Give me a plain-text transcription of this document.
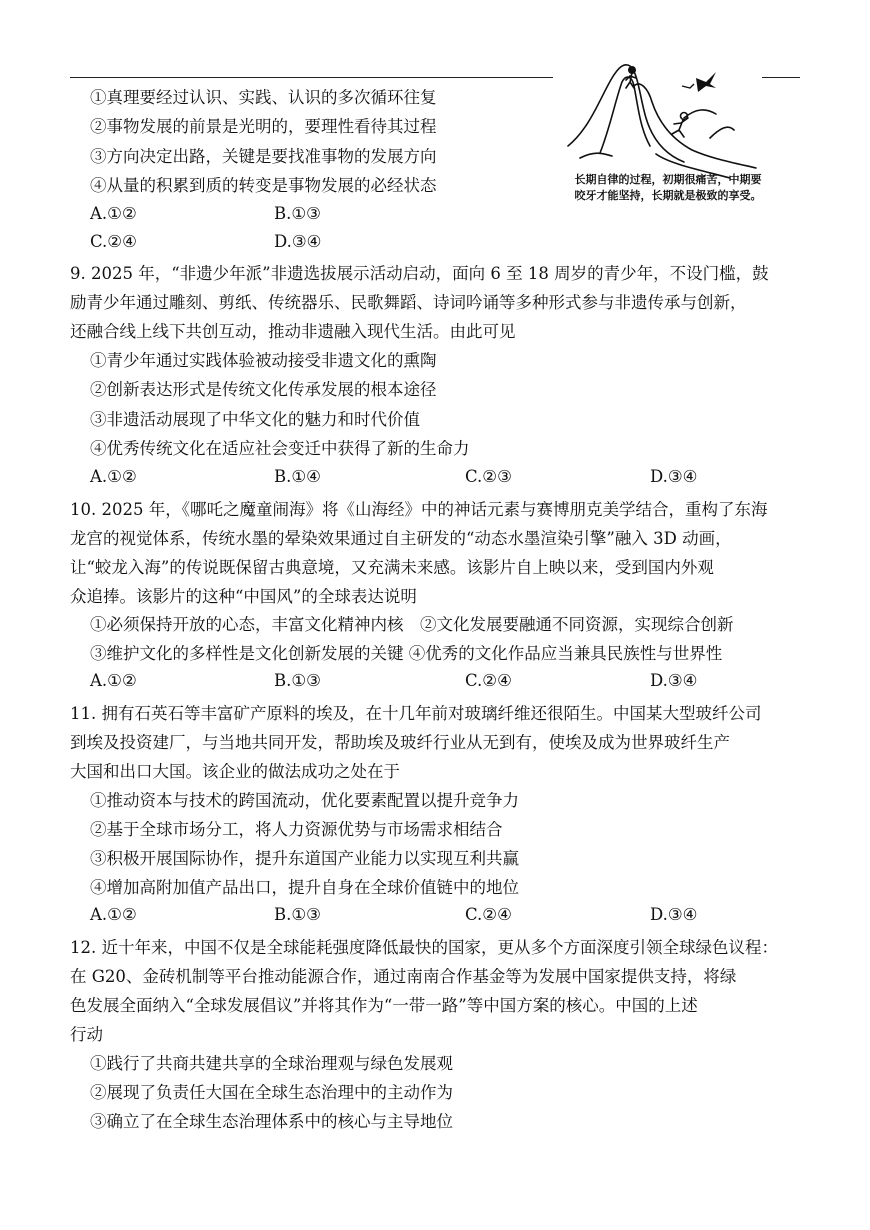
①真理要经过认识、实践、认识的多次循环往复
②事物发展的前景是光明的，要理性看待其过程
③方向决定出路，关键是要找准事物的发展方向
④从量的积累到质的转变是事物发展的必经状态
A.①②	B.①③
C.②④	D.③④
长期自律的过程，初期很痛苦，中期要
咬牙才能坚持，长期就是极致的享受。
9. 2025 年，“非遗少年派”非遗选拔展示活动启动，面向 6 至 18 周岁的青少年，不设门槛，鼓
励青少年通过雕刻、剪纸、传统器乐、民歌舞蹈、诗词吟诵等多种形式参与非遗传承与创新，
还融合线上线下共创互动，推动非遗融入现代生活。由此可见
①青少年通过实践体验被动接受非遗文化的熏陶
②创新表达形式是传统文化传承发展的根本途径
③非遗活动展现了中华文化的魅力和时代价值
④优秀传统文化在适应社会变迁中获得了新的生命力
A.①②	B.①④	C.②③	D.③④
10. 2025 年，《哪吒之魔童闹海》将《山海经》中的神话元素与赛博朋克美学结合，重构了东海
龙宫的视觉体系，传统水墨的晕染效果通过自主研发的“动态水墨渲染引擎”融入 3D 动画，
让“蛟龙入海”的传说既保留古典意境，又充满未来感。该影片自上映以来，受到国内外观
众追捧。该影片的这种“中国风”的全球表达说明
①必须保持开放的心态，丰富文化精神内核　②文化发展要融通不同资源，实现综合创新
③维护文化的多样性是文化创新发展的关键 ④优秀的文化作品应当兼具民族性与世界性
A.①②	B.①③	C.②④	D.③④
11. 拥有石英石等丰富矿产原料的埃及，在十几年前对玻璃纤维还很陌生。中国某大型玻纤公司
到埃及投资建厂，与当地共同开发，帮助埃及玻纤行业从无到有，使埃及成为世界玻纤生产
大国和出口大国。该企业的做法成功之处在于
①推动资本与技术的跨国流动，优化要素配置以提升竞争力
②基于全球市场分工，将人力资源优势与市场需求相结合
③积极开展国际协作，提升东道国产业能力以实现互利共赢
④增加高附加值产品出口，提升自身在全球价值链中的地位
A.①②	B.①③	C.②④	D.③④
12. 近十年来，中国不仅是全球能耗强度降低最快的国家，更从多个方面深度引领全球绿色议程：
在 G20、金砖机制等平台推动能源合作，通过南南合作基金等为发展中国家提供支持，将绿
色发展全面纳入“全球发展倡议”并将其作为“一带一路”等中国方案的核心。中国的上述
行动
①践行了共商共建共享的全球治理观与绿色发展观
②展现了负责任大国在全球生态治理中的主动作为
③确立了在全球生态治理体系中的核心与主导地位
